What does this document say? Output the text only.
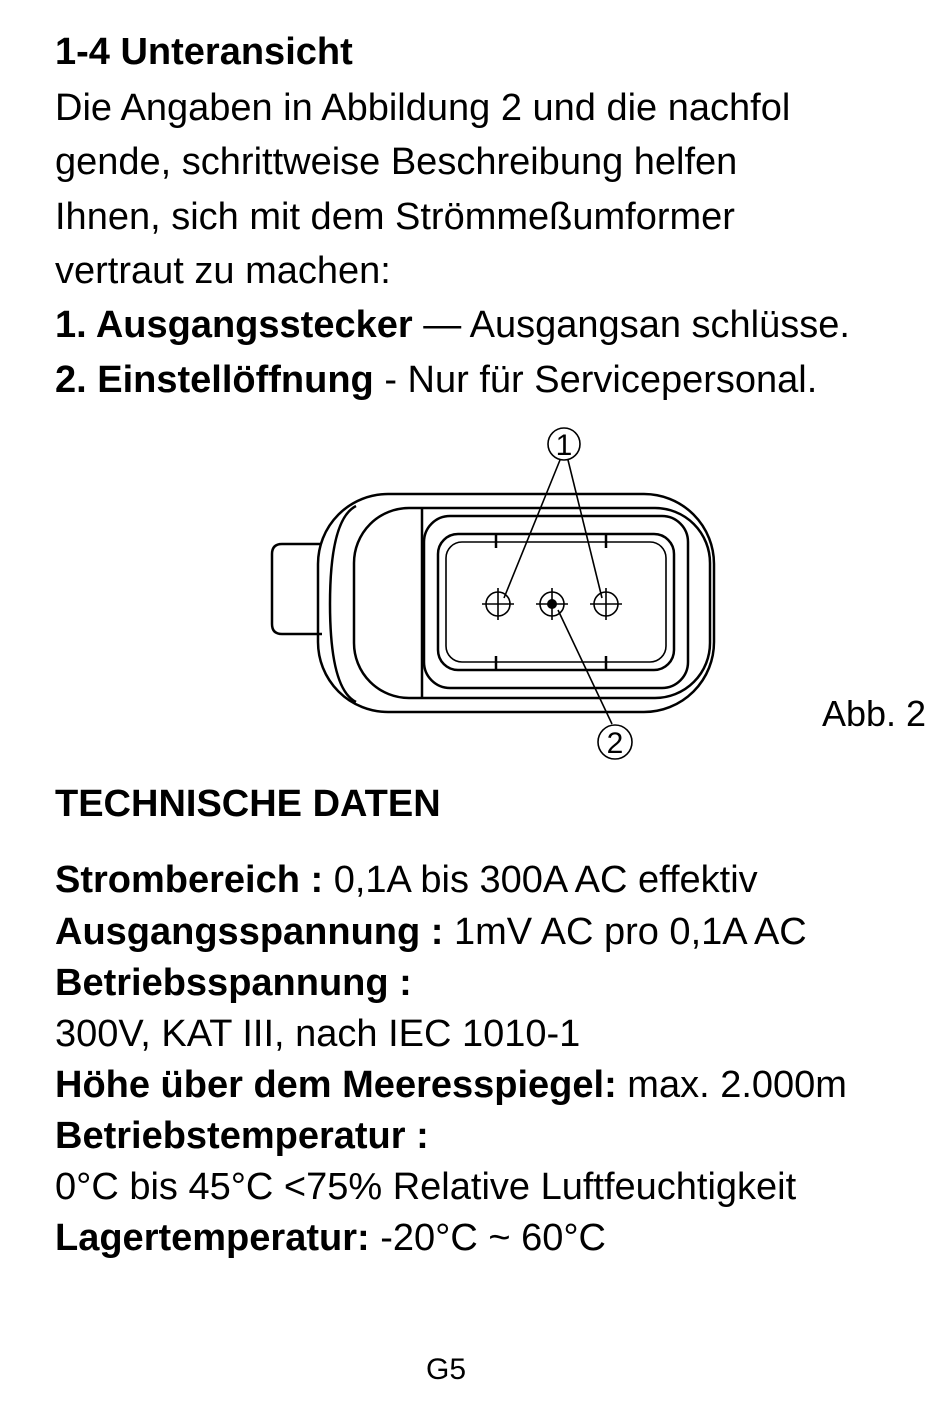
1-4 Unteransicht
Die Angaben in Abbildung 2 und die nachfol
gende, schrittweise Beschreibung helfen
Ihnen, sich mit dem Strömmeßumformer
vertraut zu machen:
1. Ausgangsstecker — Ausgangsan schlüsse.
2. Einstellöffnung - Nur für Servicepersonal.
1
2
Abb. 2
TECHNISCHE DATEN
Strombereich : 0,1A bis 300A AC effektiv
Ausgangsspannung : 1mV AC pro 0,1A AC
Betriebsspannung :
300V, KAT III, nach IEC 1010-1
Höhe über dem Meeresspiegel: max. 2.000m
Betriebstemperatur :
0°C bis 45°C <75% Relative Luftfeuchtigkeit
Lagertemperatur: -20°C ~ 60°C
G5
